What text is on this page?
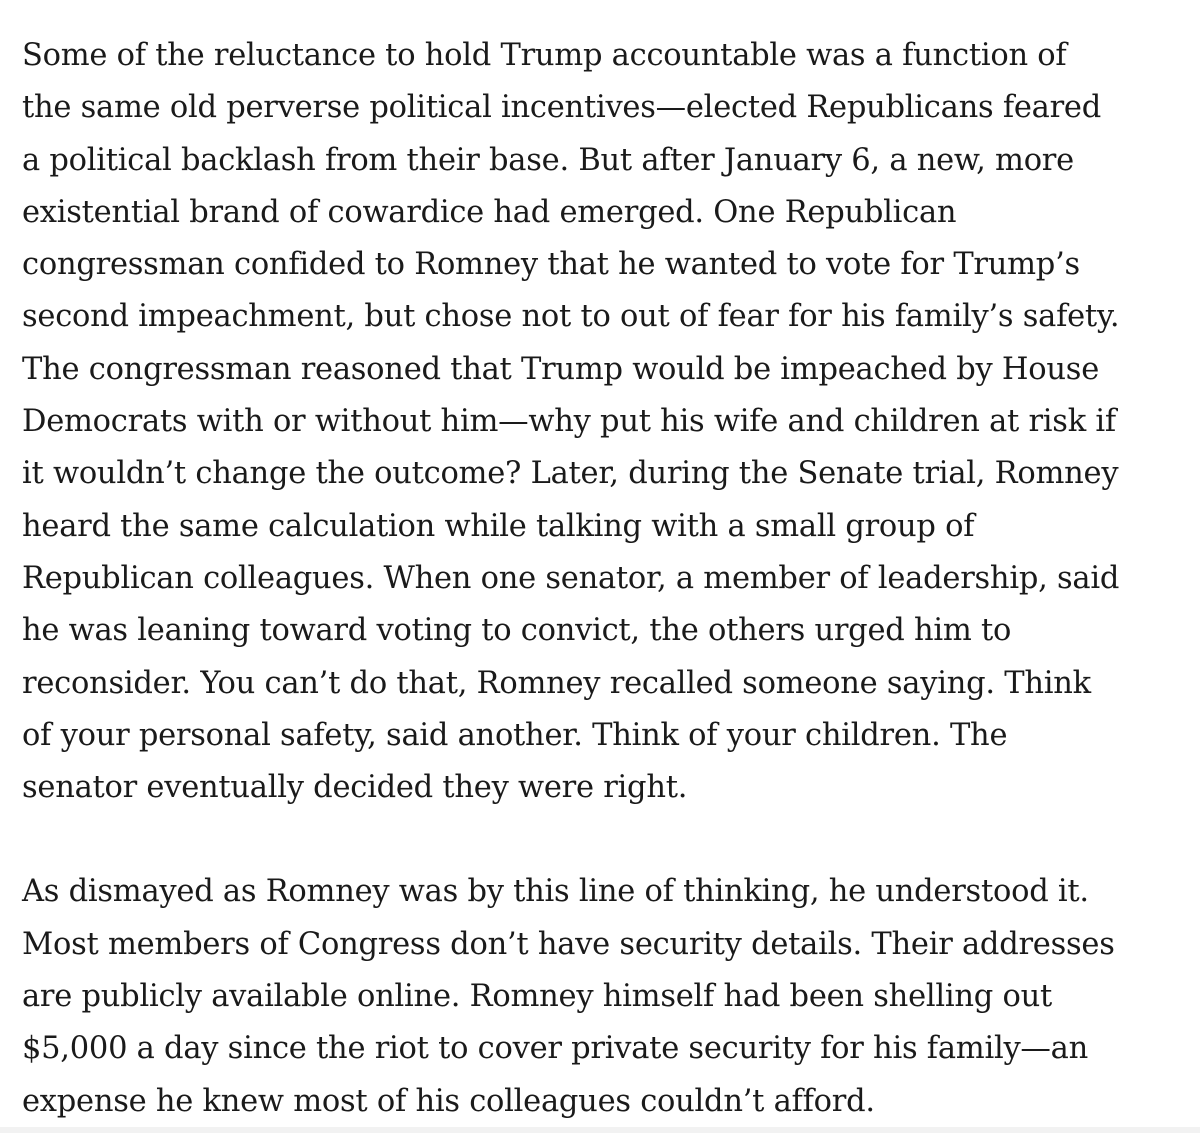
Some of the reluctance to hold Trump accountable was a function of the same old perverse political incentives—elected Republicans feared a political backlash from their base. But after January 6, a new, more existential brand of cowardice had emerged. One Republican congressman confided to Romney that he wanted to vote for Trump’s second impeachment, but chose not to out of fear for his family’s safety. The congressman reasoned that Trump would be impeached by House Democrats with or without him—why put his wife and children at risk if it wouldn’t change the outcome? Later, during the Senate trial, Romney heard the same calculation while talking with a small group of Republican colleagues. When one senator, a member of leadership, said he was leaning toward voting to convict, the others urged him to reconsider. You can’t do that, Romney recalled someone saying. Think of your personal safety, said another. Think of your children. The senator eventually decided they were right.

As dismayed as Romney was by this line of thinking, he understood it. Most members of Congress don’t have security details. Their addresses are publicly available online. Romney himself had been shelling out $5,000 a day since the riot to cover private security for his family—an expense he knew most of his colleagues couldn’t afford.
